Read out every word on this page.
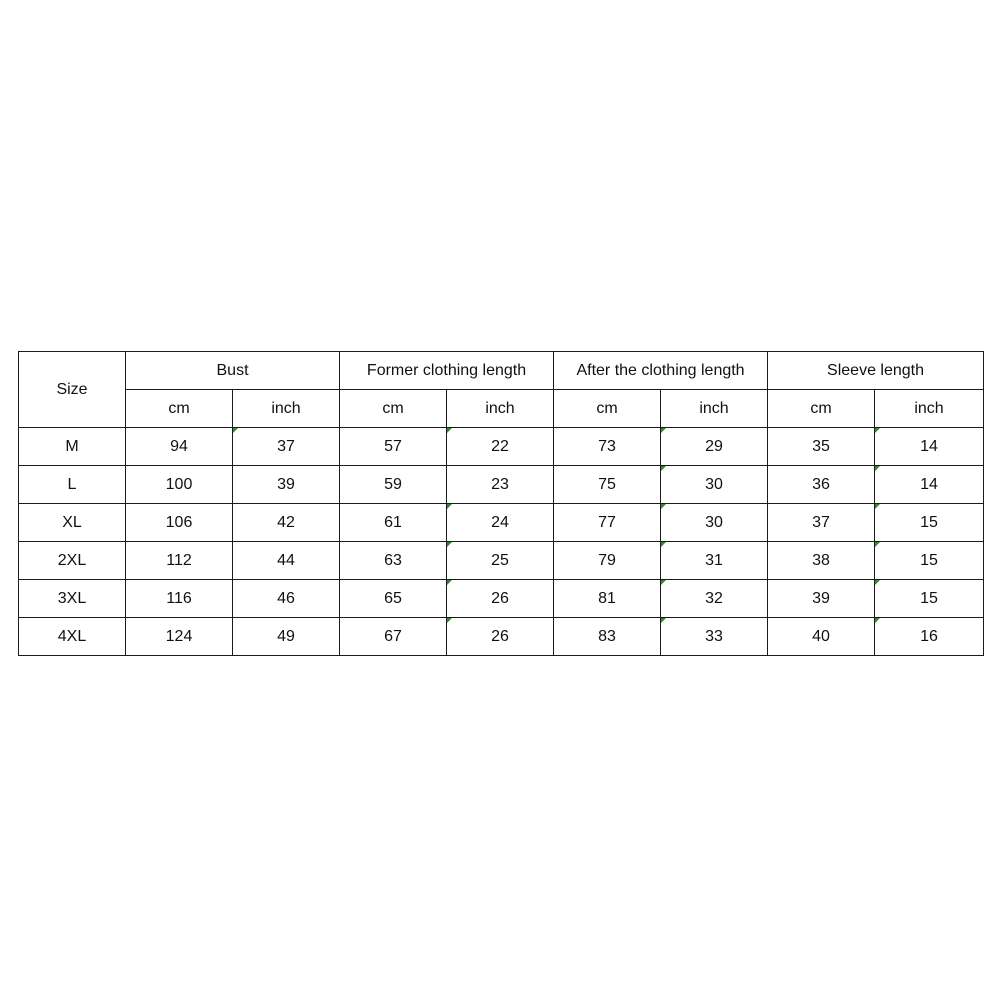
Size	Bust		Former clothing length		After the clothing length		Sleeve length	
	cm	inch	cm	inch	cm	inch	cm	inch
M	94	37	57	22	73	29	35	14
L	100	39	59	23	75	30	36	14
XL	106	42	61	24	77	30	37	15
2XL	112	44	63	25	79	31	38	15
3XL	116	46	65	26	81	32	39	15
4XL	124	49	67	26	83	33	40	16
